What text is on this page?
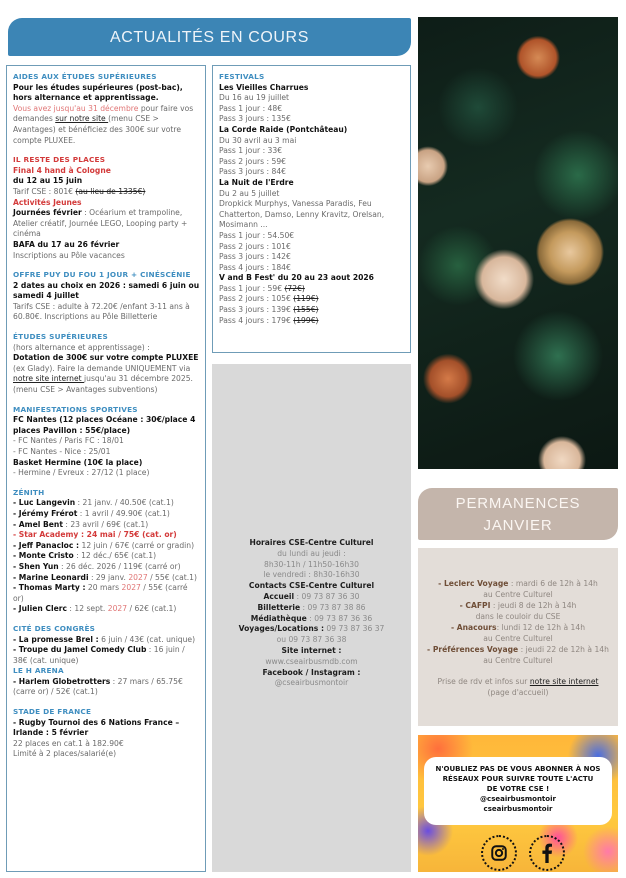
ACTUALITÉS EN COURS
AIDES AUX ÉTUDES SUPÉRIEURES
Pour les études supérieures (post-bac), hors alternance et apprentissage.
Vous avez jusqu'au 31 décembre pour faire vos demandes sur notre site (menu CSE > Avantages) et bénéficiez des 300€ sur votre compte PLUXEE.
IL RESTE DES PLACES
Final 4 hand à Cologne
du 12 au 15 juin
Tarif CSE : 801€ (au lieu de 1335€)
Activités Jeunes
Journées février : Océarium et trampoline, Atelier créatif, Journée LEGO, Looping party + cinéma
BAFA du 17 au 26 février
Inscriptions au Pôle vacances
OFFRE PUY DU FOU 1 JOUR + CINÉSCÉNIE
2 dates au choix en 2026 : samedi 6 juin ou samedi 4 juillet
Tarifs CSE : adulte à 72.20€ /enfant 3-11 ans à 60.80€. Inscriptions au Pôle Billetterie
ÉTUDES SUPÉRIEURES
(hors alternance et apprentissage) :
Dotation de 300€ sur votre compte PLUXEE (ex Glady). Faire la demande UNIQUEMENT via notre site internet jusqu'au 31 décembre 2025. (menu CSE > Avantages subventions)
MANIFESTATIONS SPORTIVES
FC Nantes (12 places Océane : 30€/place 4 places Pavillon : 55€/place)
- FC Nantes / Paris FC : 18/01
- FC Nantes - Nice : 25/01
Basket Hermine (10€ la place)
- Hermine / Evreux : 27/12 (1 place)
ZÉNITH
- Luc Langevin : 21 janv. / 40.50€ (cat.1)
- Jérémy Frérot : 1 avril / 49.90€ (cat.1)
- Amel Bent : 23 avril / 69€ (cat.1)
- Star Academy : 24 mai / 75€ (cat. or)
- Jeff Panacloc : 12 juin / 67€ (carré or gradin)
- Monte Cristo : 12 déc./ 65€ (cat.1)
- Shen Yun : 26 déc. 2026 / 119€ (carré or)
- Marine Leonardi : 29 janv. 2027 / 55€ (cat.1)
- Thomas Marty : 20 mars 2027 / 55€ (carré or)
- Julien Clerc : 12 sept. 2027 / 62€ (cat.1)
CITÉ DES CONGRÈS
- La promesse Brel : 6 juin / 43€ (cat. unique)
- Troupe du Jamel Comedy Club : 16 juin / 38€ (cat. unique)
LE H ARENA
- Harlem Globetrotters : 27 mars / 65.75€ (carre or) / 52€ (cat.1)
STADE DE FRANCE
- Rugby Tournoi des 6 Nations France – Irlande : 5 février
22 places en cat.1 à 182.90€
Limité à 2 places/salarié(e)
FESTIVALS
Les Vieilles Charrues
Du 16 au 19 juillet
Pass 1 jour : 48€
Pass 3 jours : 135€
La Corde Raide (Pontchâteau)
Du 30 avril au 3 mai
Pass 1 jour : 33€
Pass 2 jours : 59€
Pass 3 jours : 84€
La Nuit de l'Erdre
Du 2 au 5 juillet
Dropkick Murphys, Vanessa Paradis, Feu Chatterton, Damso, Lenny Kravitz, Orelsan, Mosimann ...
Pass 1 jour : 54.50€
Pass 2 jours : 101€
Pass 3 jours : 142€
Pass 4 jours : 184€
V and B Fest' du 20 au 23 aout 2026
Pass 1 jour : 59€ (72€)
Pass 2 jours : 105€ (119€)
Pass 3 jours : 139€ (155€)
Pass 4 jours : 179€ (199€)
Horaires CSE-Centre Culturel
du lundi au jeudi :
8h30-11h / 11h50-16h30
le vendredi : 8h30-16h30
Contacts CSE-Centre Culturel
Accueil : 09 73 87 36 30
Billetterie : 09 73 87 38 86
Médiathèque : 09 73 87 36 36
Voyages/Locations : 09 73 87 36 37
ou 09 73 87 36 38
Site internet :
www.cseairbusmdb.com
Facebook / Instagram :
@cseairbusmontoir
PERMANENCES
JANVIER
- Leclerc Voyage : mardi 6 de 12h à 14h
au Centre Culturel
- CAFPI : jeudi 8 de 12h à 14h
dans le couloir du CSE
- Anacours: lundi 12 de 12h à 14h
au Centre Culturel
- Préférences Voyage : jeudi 22 de 12h à 14h
au Centre Culturel
Prise de rdv et infos sur notre site internet
(page d'accueil)
N'OUBLIEZ PAS DE VOUS ABONNER À NOS
RÉSEAUX POUR SUIVRE TOUTE L'ACTU
DE VOTRE CSE !
@cseairbusmontoir
cseairbusmontoir
